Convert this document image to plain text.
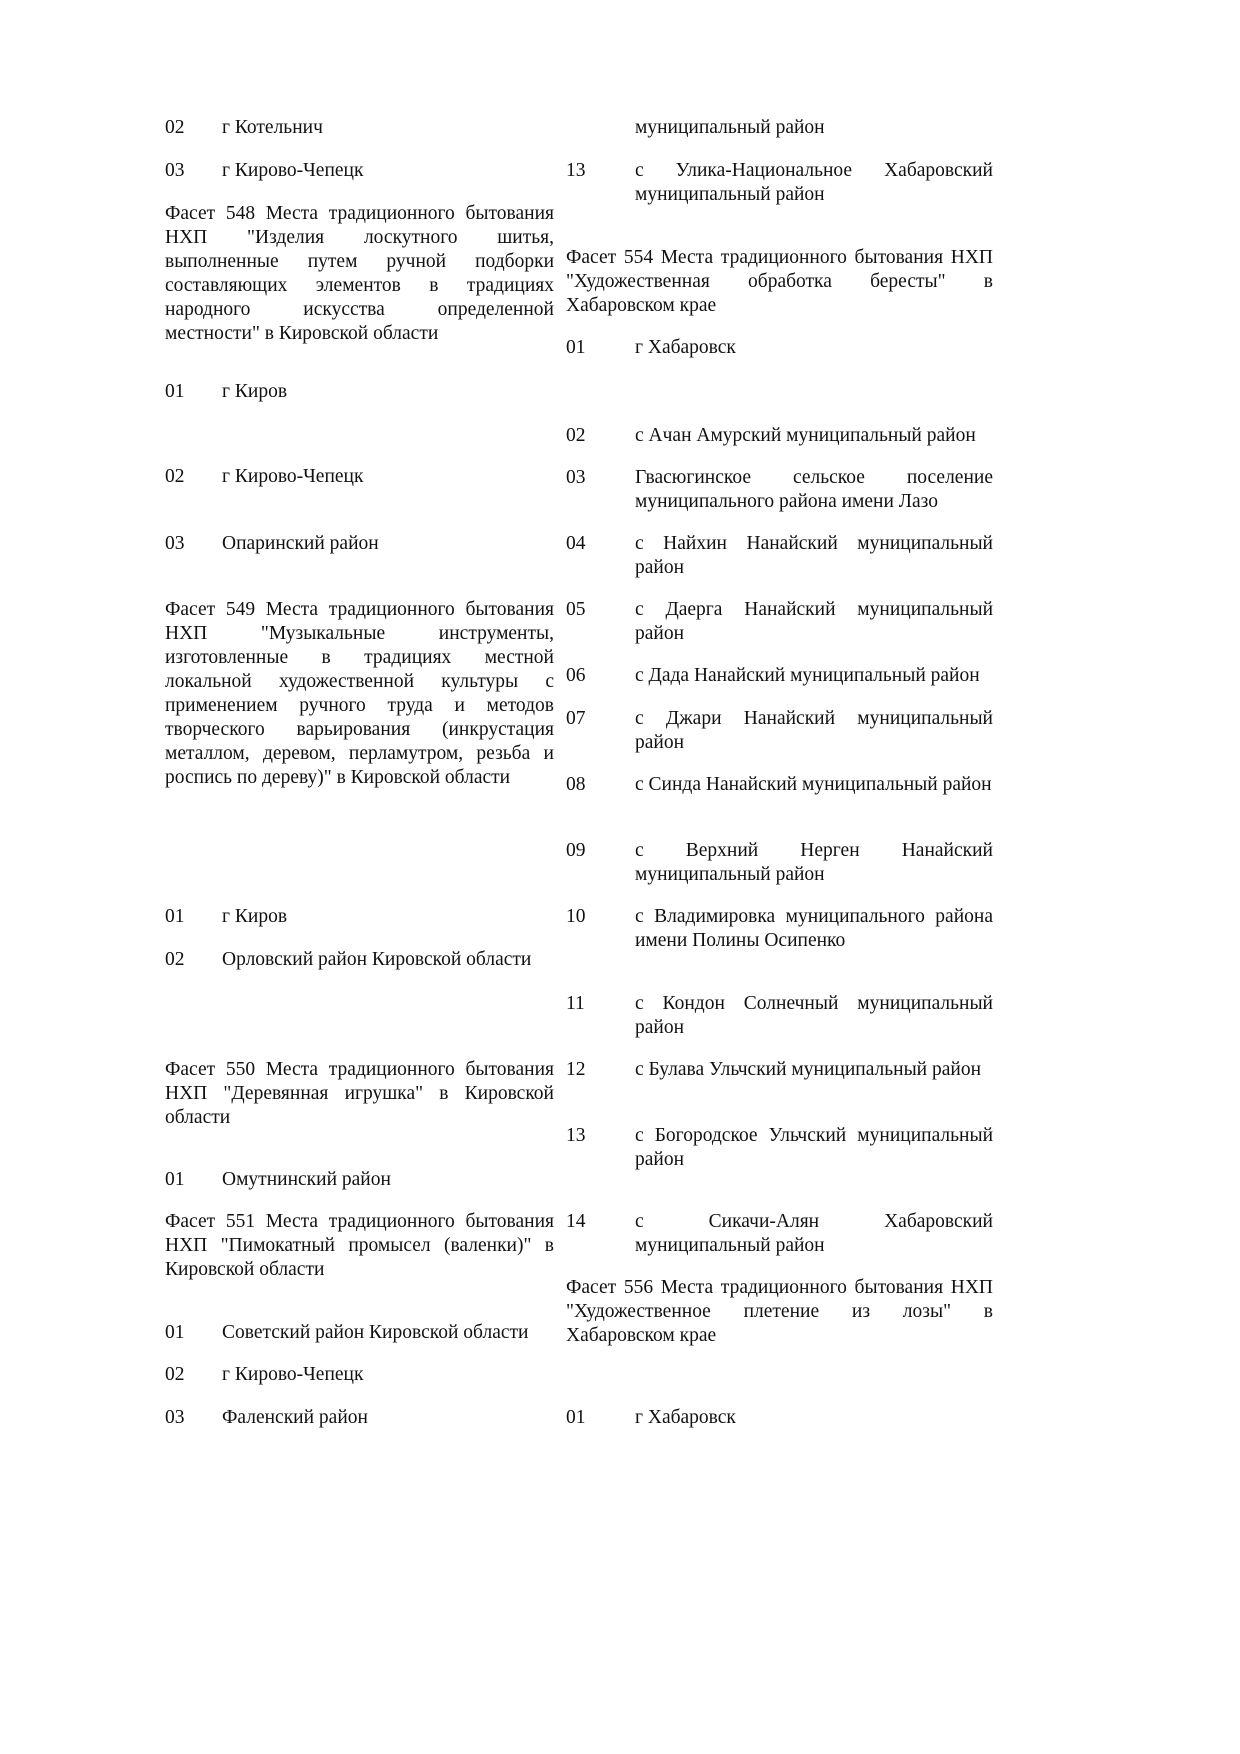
02 г Котельнич
03 г Кирово-Чепецк
Фасет 548 Места традиционного бытования НХП "Изделия лоскутного шитья, выполненные путем ручной подборки составляющих элементов в традициях народного искусства определенной местности" в Кировской области
01 г Киров
02 г Кирово-Чепецк
03 Опаринский район
Фасет 549 Места традиционного бытования НХП "Музыкальные инструменты, изготовленные в традициях местной локальной художественной культуры с применением ручного труда и методов творческого варьирования (инкрустация металлом, деревом, перламутром, резьба и роспись по дереву)" в Кировской области
01 г Киров
02 Орловский район Кировской области
Фасет 550 Места традиционного бытования НХП "Деревянная игрушка" в Кировской области
01 Омутнинский район
Фасет 551 Места традиционного бытования НХП "Пимокатный промысел (валенки)" в Кировской области
01 Советский район Кировской области
02 г Кирово-Чепецк
03 Фаленский район
муниципальный район
13	с Улика-Национальное Хабаровский муниципальный район
Фасет 554 Места традиционного бытования НХП "Художественная обработка бересты" в Хабаровском крае
01	г Хабаровск
02	с Ачан Амурский муниципальный район
03	Гвасюгинское сельское поселение муниципального района имени Лазо
04	с Найхин Нанайский муниципальный район
05	с Даерга Нанайский муниципальный район
06	с Дада Нанайский муниципальный район
07	с Джари Нанайский муниципальный район
08	с Синда Нанайский муниципальный район
09	с Верхний Нерген Нанайский муниципальный район
10	с Владимировка муниципального района имени Полины Осипенко
11	с Кондон Солнечный муниципальный район
12	с Булава Ульчский муниципальный район
13	с Богородское Ульчский муниципальный район
14	с Сикачи-Алян Хабаровский муниципальный район
Фасет 556 Места традиционного бытования НХП "Художественное плетение из лозы" в Хабаровском крае
01	г Хабаровск
